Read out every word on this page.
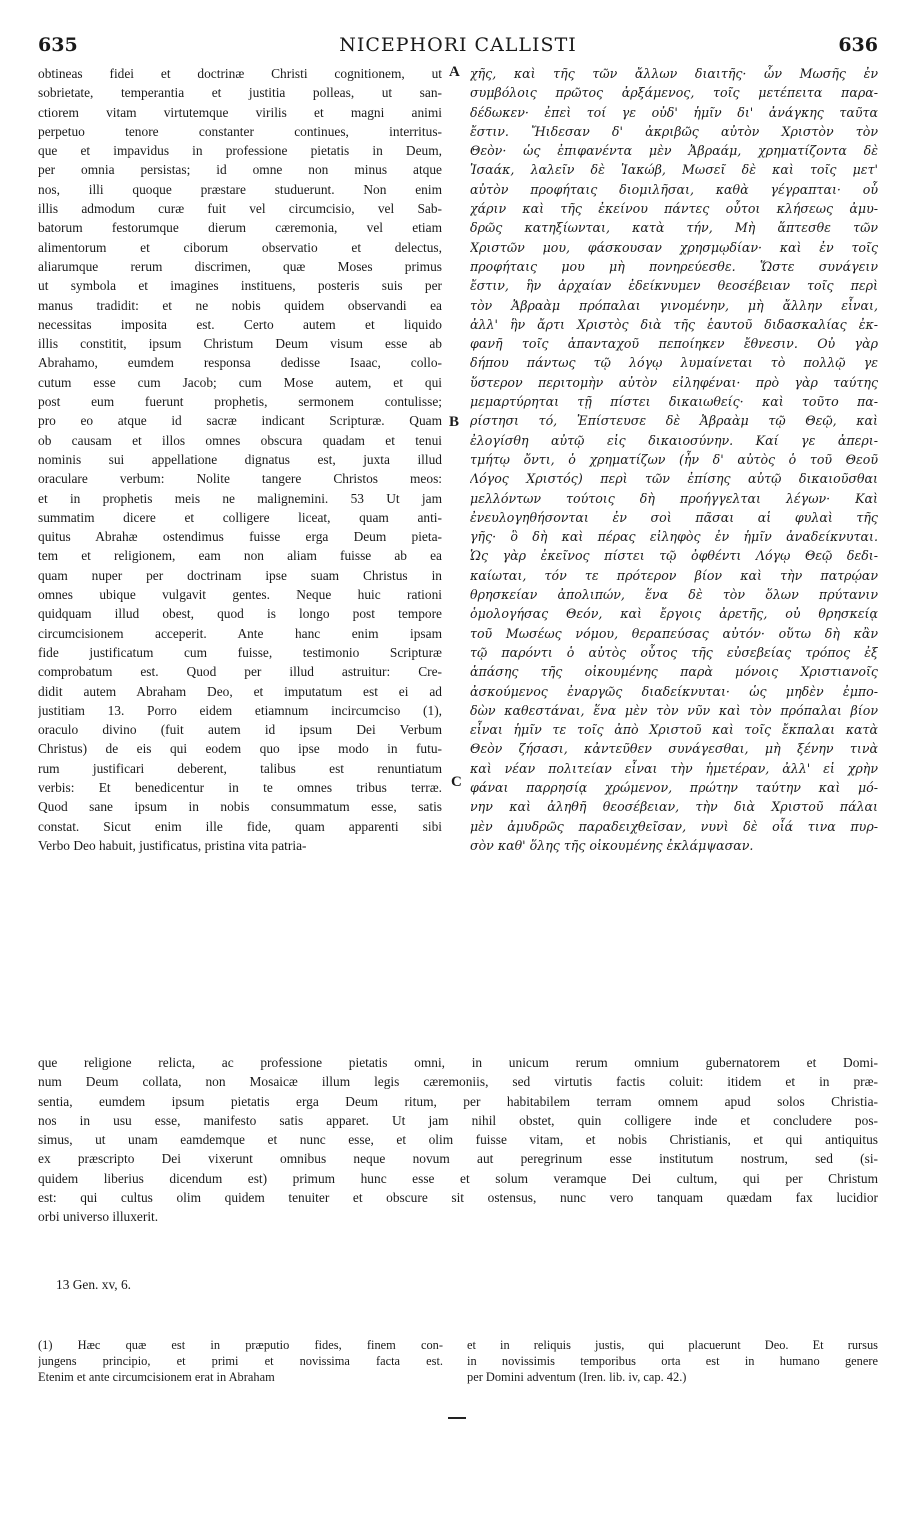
635	NICEPHORI CALLISTI	636
A
B
C
obtineas fidei et doctrinæ Christi cognitionem, ut
sobrietate, temperantia et justitia polleas, ut san-
ctiorem vitam virtutemque virilis et magni animi
perpetuo tenore constanter continues, interritus-
que et impavidus in professione pietatis in Deum,
per omnia persistas; id omne non minus atque
nos, illi quoque præstare studuerunt. Non enim
illis admodum curæ fuit vel circumcisio, vel Sab-
batorum festorumque dierum cæremonia, vel etiam
alimentorum et ciborum observatio et delectus,
aliarumque rerum discrimen, quæ Moses primus
ut symbola et imagines instituens, posteris suis per
manus tradidit: et ne nobis quidem observandi ea
necessitas imposita est. Certo autem et liquido
illis constitit, ipsum Christum Deum visum esse ab
Abrahamo, eumdem responsa dedisse Isaac, collo-
cutum esse cum Jacob; cum Mose autem, et qui
post eum fuerunt prophetis, sermonem contulisse;
pro eo atque id sacræ indicant Scripturæ. Quam
ob causam et illos omnes obscura quadam et tenui
nominis sui appellatione dignatus est, juxta illud
oraculare verbum: Nolite tangere Christos meos:
et in prophetis meis ne malignemini. 53 Ut jam
summatim dicere et colligere liceat, quam anti-
quitus Abrahæ ostendimus fuisse erga Deum pieta-
tem et religionem, eam non aliam fuisse ab ea
quam nuper per doctrinam ipse suam Christus in
omnes ubique vulgavit gentes. Neque huic rationi
quidquam illud obest, quod is longo post tempore
circumcisionem acceperit. Ante hanc enim ipsam
fide justificatum cum fuisse, testimonio Scripturæ
comprobatum est. Quod per illud astruitur: Cre-
didit autem Abraham Deo, et imputatum est ei ad
justitiam 13. Porro eidem etiamnum incircumciso (1),
oraculo divino (fuit autem id ipsum Dei Verbum
Christus) de eis qui eodem quo ipse modo in futu-
rum justificari deberent, talibus est renuntiatum
verbis: Et benedicentur in te omnes tribus terræ.
Quod sane ipsum in nobis consummatum esse, satis
constat. Sicut enim ille fide, quam apparenti sibi
Verbo Deo habuit, justificatus, pristina vita patria-
χῆς, καὶ τῆς τῶν ἄλλων διαιτῆς· ὧν Μωσῆς ἐν
συμβόλοις πρῶτος ἀρξάμενος, τοῖς μετέπειτα παρα-
δέδωκεν· ἐπεὶ τοί γε οὐδ' ἡμῖν δι' ἀνάγκης ταῦτα
ἔστιν. Ἤιδεσαν δ' ἀκριβῶς αὐτὸν Χριστὸν τὸν
Θεὸν· ὡς ἐπιφανέντα μὲν Ἀβραάμ, χρηματίζοντα δὲ
Ἰσαάκ, λαλεῖν δὲ Ἰακώβ, Μωσεῖ δὲ καὶ τοῖς μετ'
αὐτὸν προφήταις διομιλῆσαι, καθὰ γέγραπται· οὗ
χάριν καὶ τῆς ἐκείνου πάντες οὗτοι κλήσεως ἀμυ-
δρῶς κατηξίωνται, κατὰ τήν, Μὴ ἅπτεσθε τῶν
Χριστῶν μου, φάσκουσαν χρησμῳδίαν· καὶ ἐν τοῖς
προφήταις μου μὴ πονηρεύεσθε. Ὥστε συνάγειν
ἔστιν, ἣν ἀρχαίαν ἐδείκνυμεν θεοσέβειαν τοῖς περὶ
τὸν Ἀβραὰμ πρόπαλαι γινομένην, μὴ ἄλλην εἶναι,
ἀλλ' ἣν ἄρτι Χριστὸς διὰ τῆς ἑαυτοῦ διδασκαλίας ἐκ-
φανῆ τοῖς ἁπανταχοῦ πεποίηκεν ἔθνεσιν. Οὐ γὰρ
δήπου πάντως τῷ λόγῳ λυμαίνεται τὸ πολλῷ γε
ὕστερον περιτομὴν αὐτὸν εἰληφέναι· πρὸ γὰρ ταύτης
μεμαρτύρηται τῇ πίστει δικαιωθείς· καὶ τοῦτο πα-
ρίστησι τό, Ἐπίστευσε δὲ Ἀβραὰμ τῷ Θεῷ, καὶ
ἐλογίσθη αὐτῷ εἰς δικαιοσύνην. Καί γε ἀπερι-
τμήτῳ ὄντι, ὁ χρηματίζων (ἦν δ' αὐτὸς ὁ τοῦ Θεοῦ
Λόγος Χριστός) περὶ τῶν ἐπίσης αὐτῷ δικαιοῦσθαι
μελλόντων τούτοις δὴ προήγγελται λέγων· Καὶ
ἐνευλογηθήσονται ἐν σοὶ πᾶσαι αἱ φυλαὶ τῆς
γῆς· ὃ δὴ καὶ πέρας εἰληφὸς ἐν ἡμῖν ἀναδείκνυται.
Ὡς γὰρ ἐκεῖνος πίστει τῷ ὀφθέντι Λόγῳ Θεῷ δεδι-
καίωται, τόν τε πρότερον βίον καὶ τὴν πατρῴαν
θρησκείαν ἀπολιπών, ἕνα δὲ τὸν ὅλων πρύτανιν
ὁμολογήσας Θεόν, καὶ ἔργοις ἀρετῆς, οὐ θρησκείᾳ
τοῦ Μωσέως νόμου, θεραπεύσας αὐτόν· οὕτω δὴ κἂν
τῷ παρόντι ὁ αὐτὸς οὗτος τῆς εὐσεβείας τρόπος ἐξ
ἁπάσης τῆς οἰκουμένης παρὰ μόνοις Χριστιανοῖς
ἀσκούμενος ἐναργῶς διαδείκνυται· ὡς μηδὲν ἐμπο-
δὼν καθεστάναι, ἕνα μὲν τὸν νῦν καὶ τὸν πρόπαλαι βίον
εἶναι ἡμῖν τε τοῖς ἀπὸ Χριστοῦ καὶ τοῖς ἔκπαλαι κατὰ
Θεὸν ζήσασι, κἀντεῦθεν συνάγεσθαι, μὴ ξένην τινὰ
καὶ νέαν πολιτείαν εἶναι τὴν ἡμετέραν, ἀλλ' εἰ χρὴν
φάναι παρρησίᾳ χρώμενον, πρώτην ταύτην καὶ μό-
νην καὶ ἀληθῆ θεοσέβειαν, τὴν διὰ Χριστοῦ πάλαι
μὲν ἀμυδρῶς παραδειχθεῖσαν, νυνὶ δὲ οἷά τινα πυρ-
σὸν καθ' ὅλης τῆς οἰκουμένης ἐκλάμψασαν.
que religione relicta, ac professione pietatis omni, in unicum rerum omnium gubernatorem et Domi-
num Deum collata, non Mosaicæ illum legis cæremoniis, sed virtutis factis coluit: itidem et in præ-
sentia, eumdem ipsum pietatis erga Deum ritum, per habitabilem terram omnem apud solos Christia-
nos in usu esse, manifesto satis apparet. Ut jam nihil obstet, quin colligere inde et concludere pos-
simus, ut unam eamdemque et nunc esse, et olim fuisse vitam, et nobis Christianis, et qui antiquitus
ex præscripto Dei vixerunt omnibus neque novum aut peregrinum esse institutum nostrum, sed (si-
quidem liberius dicendum est) primum hunc esse et solum veramque Dei cultum, qui per Christum
est: qui cultus olim quidem tenuiter et obscure sit ostensus, nunc vero tanquam quædam fax lucidior
orbi universo illuxerit.
13 Gen. xv, 6.
(1) Hæc quæ est in præputio fides, finem con-
jungens principio, et primi et novissima facta est.
Etenim et ante circumcisionem erat in Abraham
et in reliquis justis, qui placuerunt Deo. Et rursus
in novissimis temporibus orta est in humano genere
per Domini adventum (Iren. lib. iv, cap. 42.)
